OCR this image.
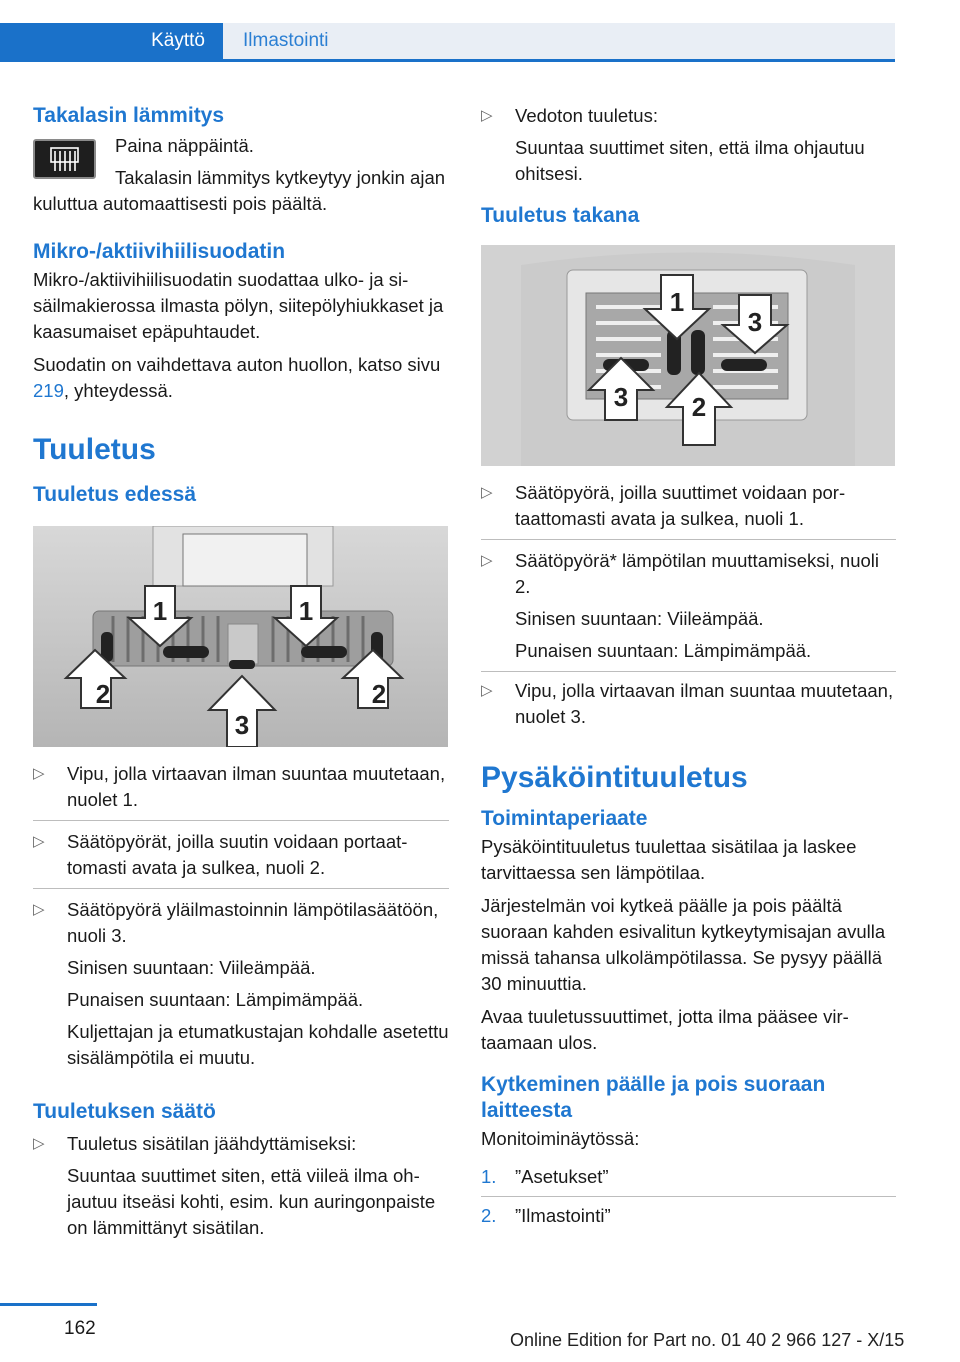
Käyttö	Ilmastointi
Takalasin lämmitys

Paina näppäintä.

Takalasin lämmitys kytkeytyy jonkin ajan kuluttua automaattisesti pois päältä.

Mikro-/aktiivihiilisuodatin

Mikro-/aktiivihiilisuodatin suodattaa ulko- ja sisäilmakierossa ilmasta pölyn, siitepölyhiukkaset ja kaasumaiset epäpuhtaudet.

Suodatin on vaihdettava auton huollon, katso sivu 219, yhteydessä.

Tuuletus
Tuuletus edessä
1	1
2	2
3
▷ Vipu, jolla virtaavan ilman suuntaa muutetaan, nuolet 1.
▷ Säätöpyörät, joilla suutin voidaan portaattomasti avata ja sulkea, nuoli 2.
▷ Säätöpyörä yläilmastoinnin lämpötilasäätöön, nuoli 3.
Sinisen suuntaan: Viileämpää.
Punaisen suuntaan: Lämpimämpää.
Kuljettajan ja etumatkustajan kohdalle asetettu sisälämpötila ei muutu.
Tuuletuksen säätö
▷ Tuuletus sisätilan jäähdyttämiseksi:
Suuntaa suuttimet siten, että viileä ilma ohjautuu itseäsi kohti, esim. kun auringonpaiste on lämmittänyt sisätilan.
▷ Vedoton tuuletus:
Suuntaa suuttimet siten, että ilma ohjautuu ohitsesi.
Tuuletus takana
1
2
3
3
▷ Säätöpyörä, joilla suuttimet voidaan portaattomasti avata ja sulkea, nuoli 1.
▷ Säätöpyörä* lämpötilan muuttamiseksi, nuoli 2.
Sinisen suuntaan: Viileämpää.
Punaisen suuntaan: Lämpimämpää.
▷ Vipu, jolla virtaavan ilman suuntaa muutetaan, nuolet 3.
Pysäköintituuletus
Toimintaperiaate

Pysäköintituuletus tuulettaa sisätilaa ja laskee tarvittaessa sen lämpötilaa.

Järjestelmän voi kytkeä päälle ja pois päältä suoraan kahden esivalitun kytkeytymisajan avulla missä tahansa ulkolämpötilassa. Se pysyy päällä 30 minuuttia.

Avaa tuuletussuuttimet, jotta ilma pääsee virtaamaan ulos.

Kytkeminen päälle ja pois suoraan laitteesta

Monitoiminäytössä:

1. ”Asetukset”
2. ”Ilmastointi”
162
Online Edition for Part no. 01 40 2 966 127 - X/15
